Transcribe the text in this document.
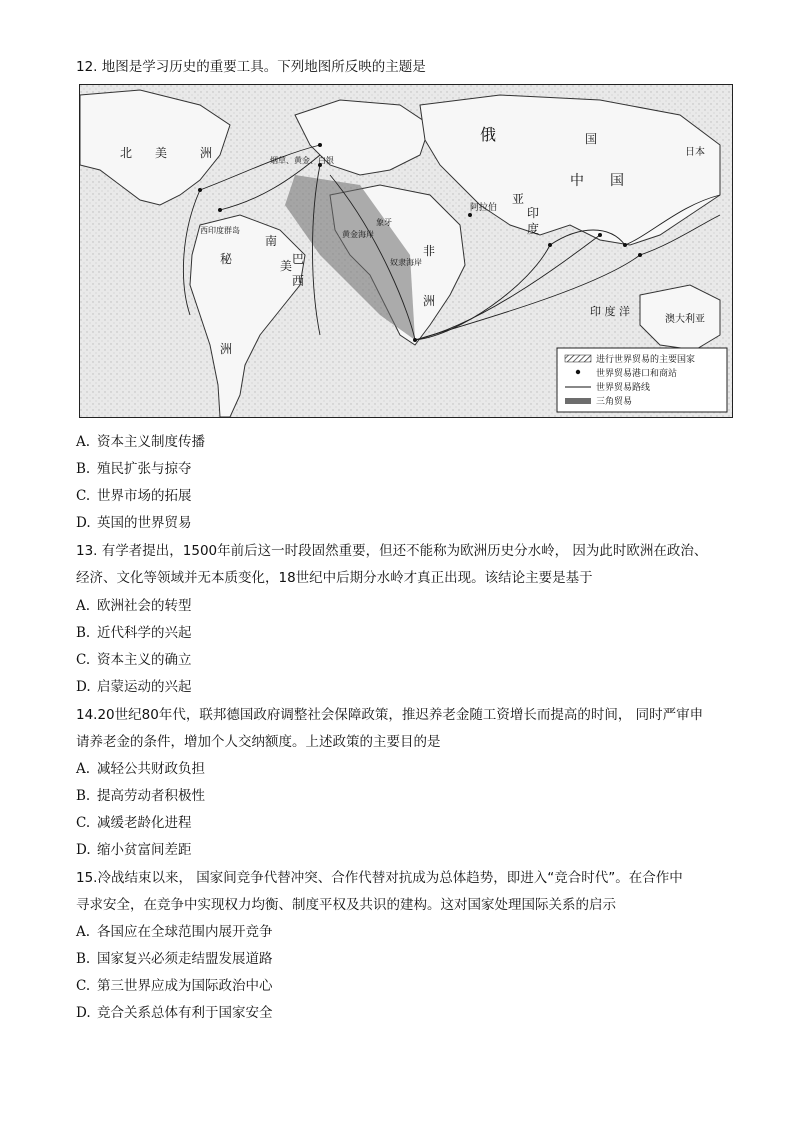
12. 地图是学习历史的重要工具。下列地图所反映的主题是
北 美	洲
俄	国
中 国
亚
印
度
非
洲
南
美 巴
西
秘
洲
澳大利亚
日本
印 度 洋
阿拉伯
烟草、黄金、白银
西印度群岛
象牙
黄金海岸
奴隶海岸
进行世界贸易的主要国家
世界贸易港口和商站
世界贸易路线
三角贸易
A. 资本主义制度传播
B. 殖民扩张与掠夺
C. 世界市场的拓展
D. 英国的世界贸易
13. 有学者提出，1500年前后这一时段固然重要，但还不能称为欧洲历史分水岭， 因为此时欧洲在政治、
经济、文化等领域并无本质变化，18世纪中后期分水岭才真正出现。该结论主要是基于
A. 欧洲社会的转型
B. 近代科学的兴起
C. 资本主义的确立
D. 启蒙运动的兴起
14.20世纪80年代，联邦德国政府调整社会保障政策，推迟养老金随工资增长而提高的时间， 同时严审申
请养老金的条件，增加个人交纳额度。上述政策的主要目的是
A. 减轻公共财政负担
B. 提高劳动者积极性
C. 减缓老龄化进程
D. 缩小贫富间差距
15.冷战结束以来， 国家间竞争代替冲突、合作代替对抗成为总体趋势，即进入“竞合时代”。在合作中
寻求安全，在竞争中实现权力均衡、制度平权及共识的建构。这对国家处理国际关系的启示
A. 各国应在全球范围内展开竞争
B. 国家复兴必须走结盟发展道路
C. 第三世界应成为国际政治中心
D. 竞合关系总体有利于国家安全
